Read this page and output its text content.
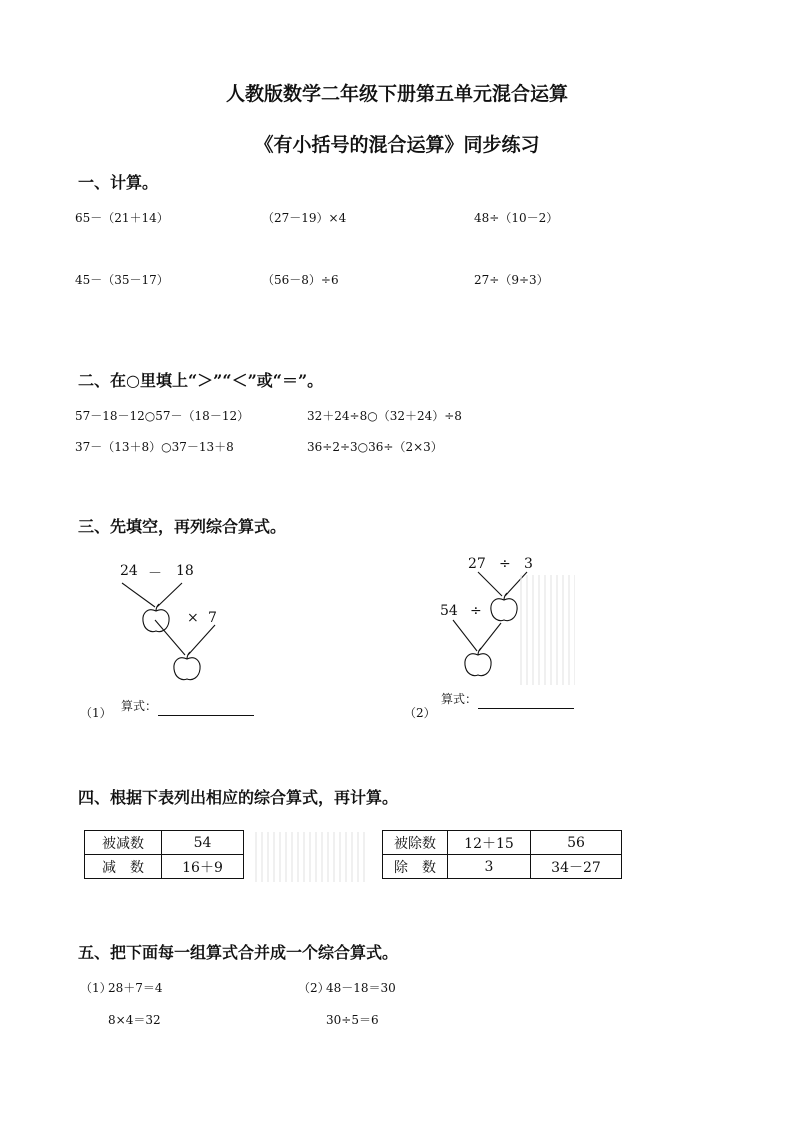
人教版数学二年级下册第五单元混合运算
《有小括号的混合运算》同步练习
一、计算。
65－（21＋14）	（27－19）×4	48÷（10－2）
45－（35－17）	（56－8）÷6	27÷（9÷3）
二、在○里填上“＞”“＜”或“＝”。
57－18－12○57－（18－12）	32＋24÷8○（32＋24）÷8
37－（13＋8）○37－13＋8	36÷2÷3○36÷（2×3）
三、先填空，再列综合算式。
24 － 18
× 7
（1） 算式：
27 ÷ 3
54 ÷
（2）
算式：
四、根据下表列出相应的综合算式，再计算。
被减数	54
减　数	16＋9
被除数	12＋15	56
除　数	3	34－27
五、把下面每一组算式合并成一个综合算式。
（1）
28＋7＝4
8×4＝32
（2）
48－18＝30
30÷5＝6
